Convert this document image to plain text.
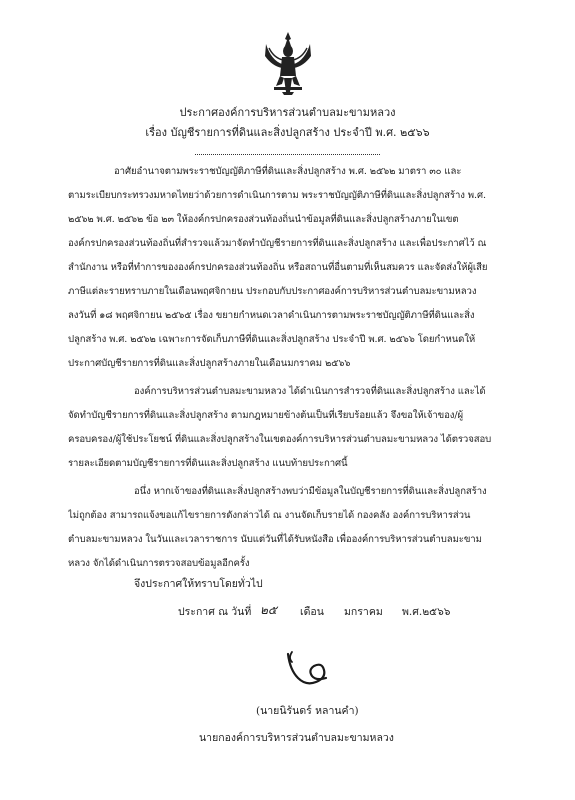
ประกาศองค์การบริหารส่วนตำบลมะขามหลวง
เรื่อง บัญชีรายการที่ดินและสิ่งปลูกสร้าง ประจำปี พ.ศ. ๒๕๖๖
อาศัยอำนาจตามพระราชบัญญัติภาษีที่ดินและสิ่งปลูกสร้าง พ.ศ. ๒๕๖๒ มาตรา ๓๐ และ
ตามระเบียบกระทรวงมหาดไทยว่าด้วยการดำเนินการตาม พระราชบัญญัติภาษีที่ดินและสิ่งปลูกสร้าง พ.ศ.
๒๕๖๒ พ.ศ. ๒๕๖๒ ข้อ ๒๓ ให้องค์กรปกครองส่วนท้องถิ่นนำข้อมูลที่ดินและสิ่งปลูกสร้างภายในเขต
องค์กรปกครองส่วนท้องถิ่นที่สำรวจแล้วมาจัดทำบัญชีรายการที่ดินและสิ่งปลูกสร้าง และเพื่อประกาศไว้ ณ
สำนักงาน หรือที่ทำการขององค์กรปกครองส่วนท้องถิ่น หรือสถานที่อื่นตามที่เห็นสมควร และจัดส่งให้ผู้เสีย
ภาษีแต่ละรายทราบภายในเดือนพฤศจิกายน ประกอบกับประกาศองค์การบริหารส่วนตำบลมะขามหลวง
ลงวันที่ ๑๘ พฤศจิกายน ๒๕๖๕ เรื่อง ขยายกำหนดเวลาดำเนินการตามพระราชบัญญัติภาษีที่ดินและสิ่ง
ปลูกสร้าง พ.ศ. ๒๕๖๒ เฉพาะการจัดเก็บภาษีที่ดินและสิ่งปลูกสร้าง ประจำปี พ.ศ. ๒๕๖๖ โดยกำหนดให้
ประกาศบัญชีรายการที่ดินและสิ่งปลูกสร้างภายในเดือนมกราคม ๒๕๖๖
องค์การบริหารส่วนตำบลมะขามหลวง ได้ดำเนินการสำรวจที่ดินและสิ่งปลูกสร้าง และได้
จัดทำบัญชีรายการที่ดินและสิ่งปลูกสร้าง ตามกฎหมายข้างต้นเป็นที่เรียบร้อยแล้ว จึงขอให้เจ้าของ/ผู้
ครอบครอง/ผู้ใช้ประโยชน์ ที่ดินและสิ่งปลูกสร้างในเขตองค์การบริหารส่วนตำบลมะขามหลวง ได้ตรวจสอบ
รายละเอียดตามบัญชีรายการที่ดินและสิ่งปลูกสร้าง แนบท้ายประกาศนี้
อนึ่ง หากเจ้าของที่ดินและสิ่งปลูกสร้างพบว่ามีข้อมูลในบัญชีรายการที่ดินและสิ่งปลูกสร้าง
ไม่ถูกต้อง สามารถแจ้งขอแก้ไขรายการดังกล่าวได้ ณ งานจัดเก็บรายได้ กองคลัง องค์การบริหารส่วน
ตำบลมะขามหลวง ในวันและเวลาราชการ นับแต่วันที่ได้รับหนังสือ เพื่อองค์การบริหารส่วนตำบลมะขาม
หลวง จักได้ดำเนินการตรวจสอบข้อมูลอีกครั้ง
จึงประกาศให้ทราบโดยทั่วไป
ประกาศ ณ วันที่ ๒๕ เดือน มกราคม พ.ศ.๒๕๖๖
(นายนิรันดร์ หลานคำ)
นายกองค์การบริหารส่วนตำบลมะขามหลวง
